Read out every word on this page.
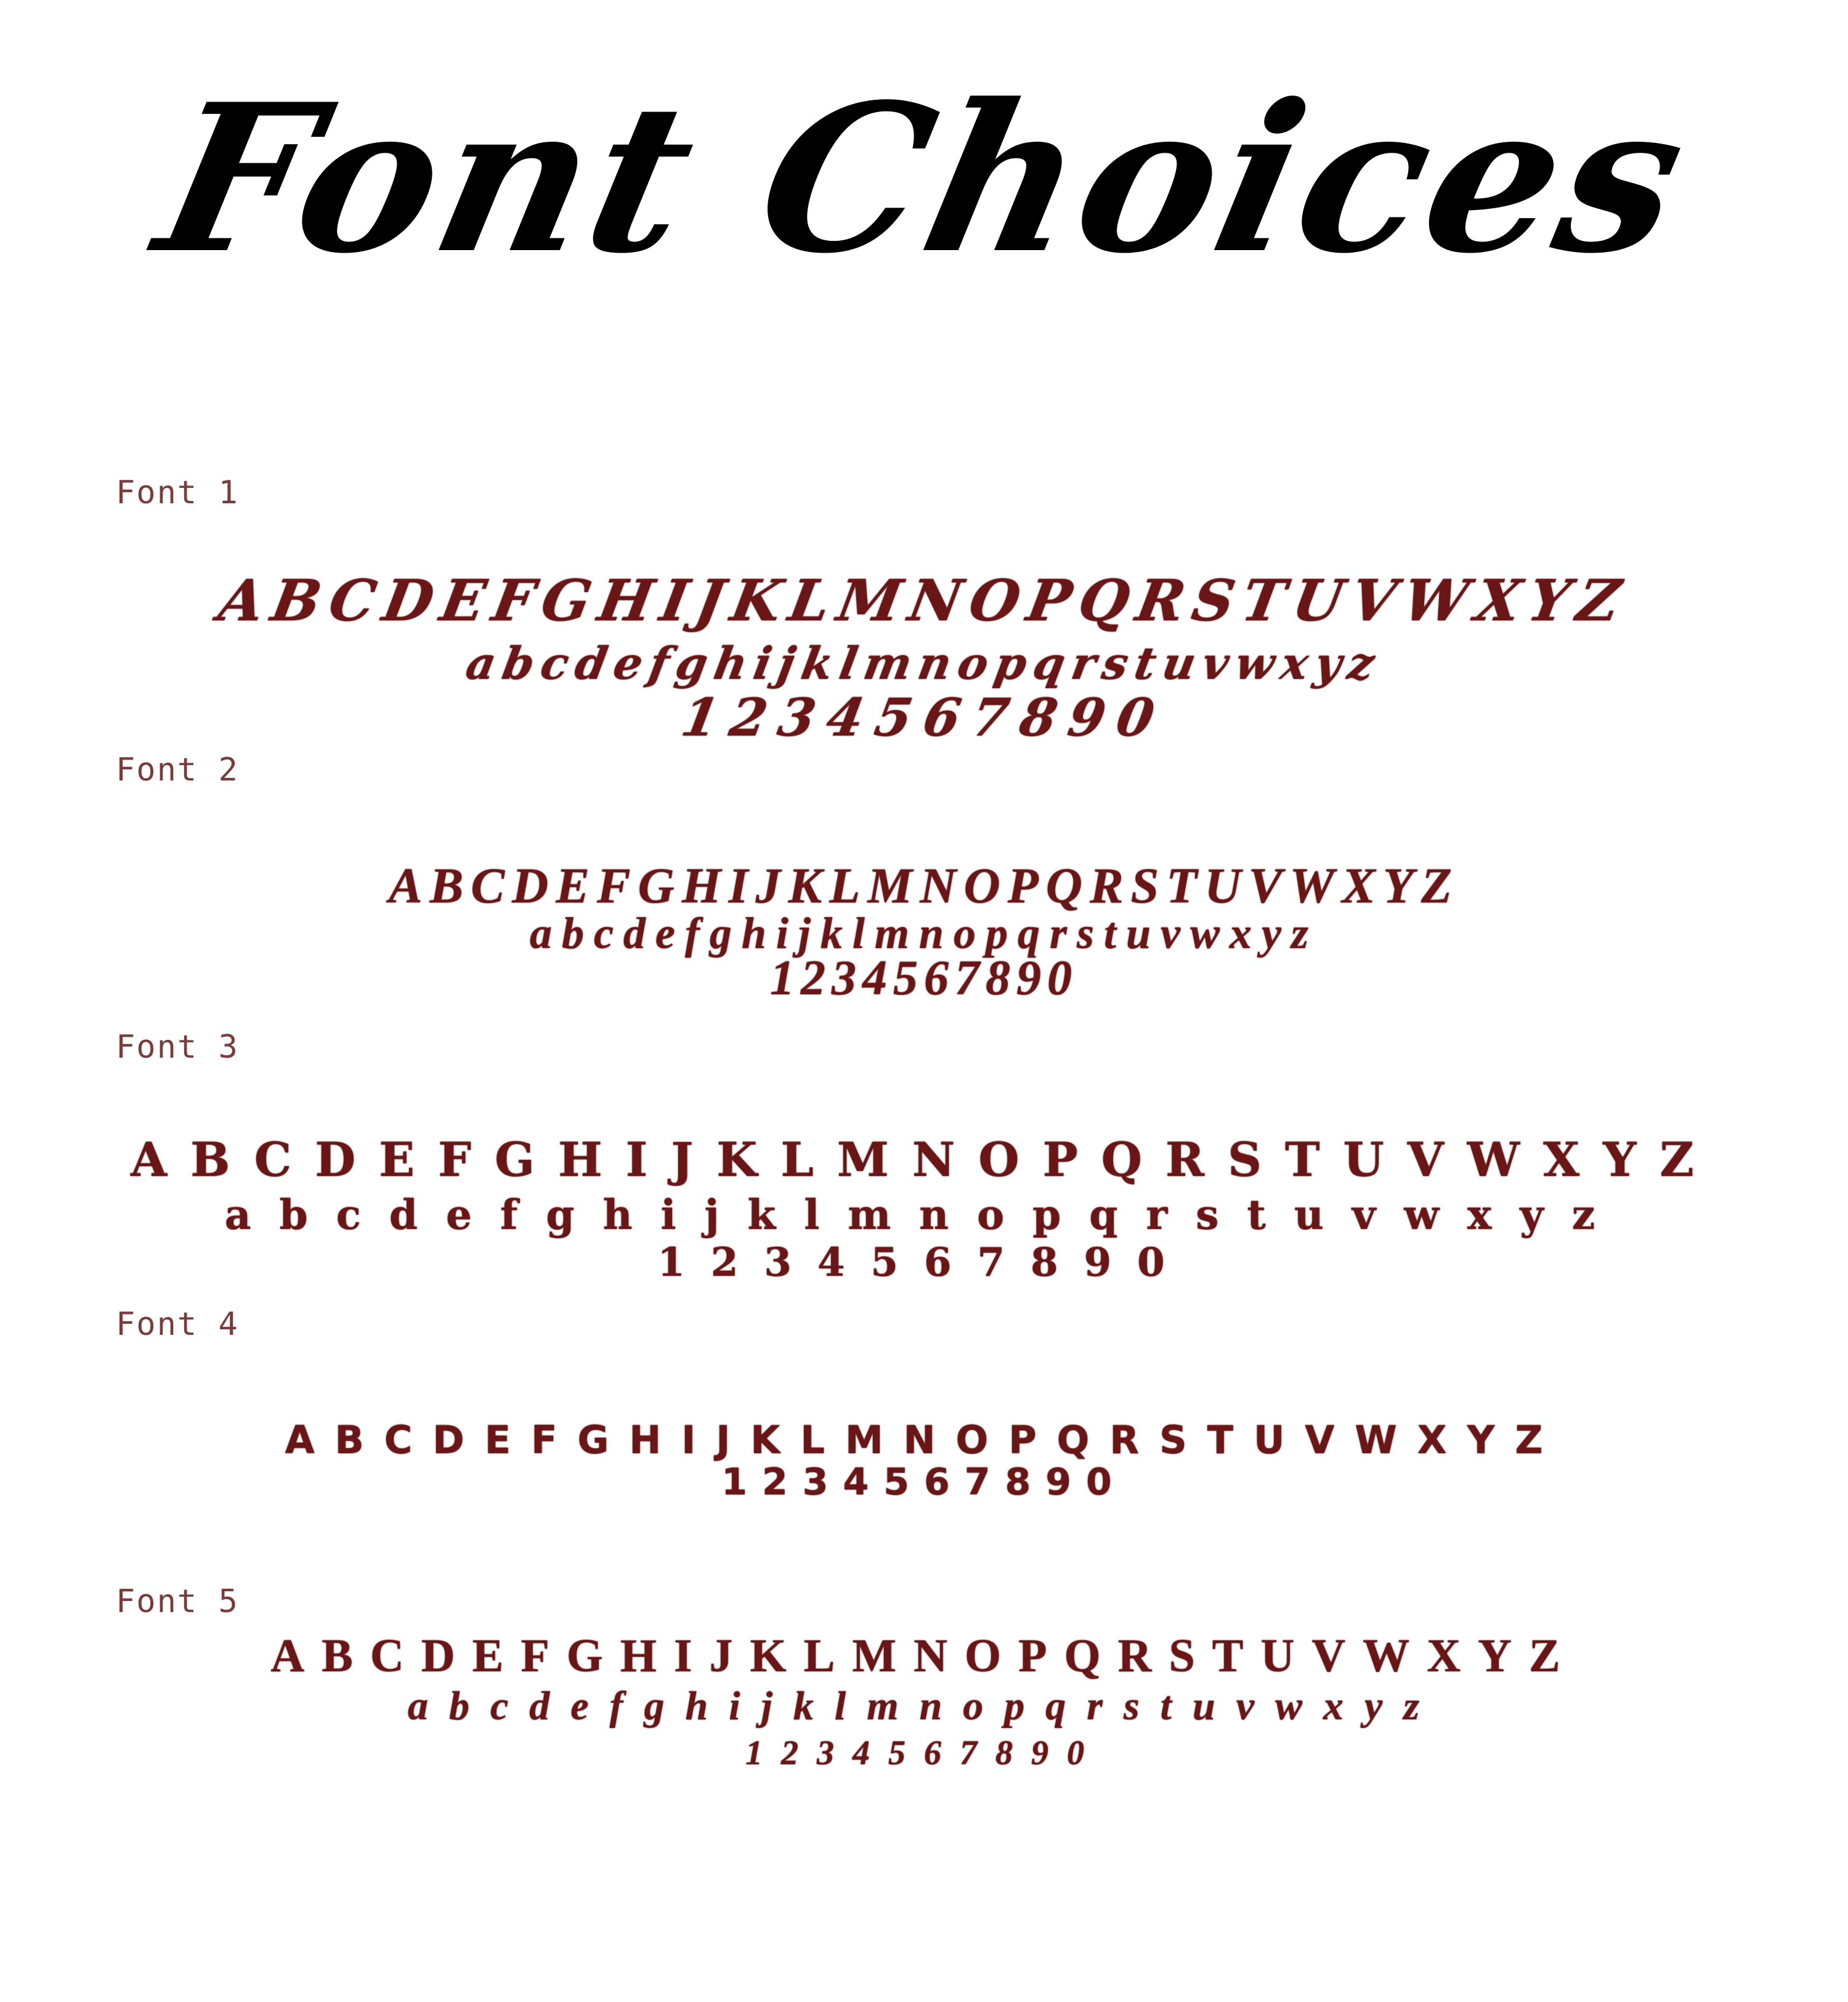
Font Choices
Font 1
ABCDEFGHIJKLMNOPQRSTUVWXYZ
abcdefghijklmnopqrstuvwxyz
1234567890
Font 2
ABCDEFGHIJKLMNOPQRSTUVWXYZ
abcdefghijklmnopqrstuvwxyz
1234567890
Font 3
ABCDEFGHIJKLMNOPQRSTUVWXYZ
abcdefghijklmnopqrstuvwxyz
1234567890
Font 4
ABCDEFGHIJKLMNOPQRSTUVWXYZ
1234567890
Font 5
ABCDEFGHIJKLMNOPQRSTUVWXYZ
abcdefghijklmnopqrstuvwxyz
1234567890
